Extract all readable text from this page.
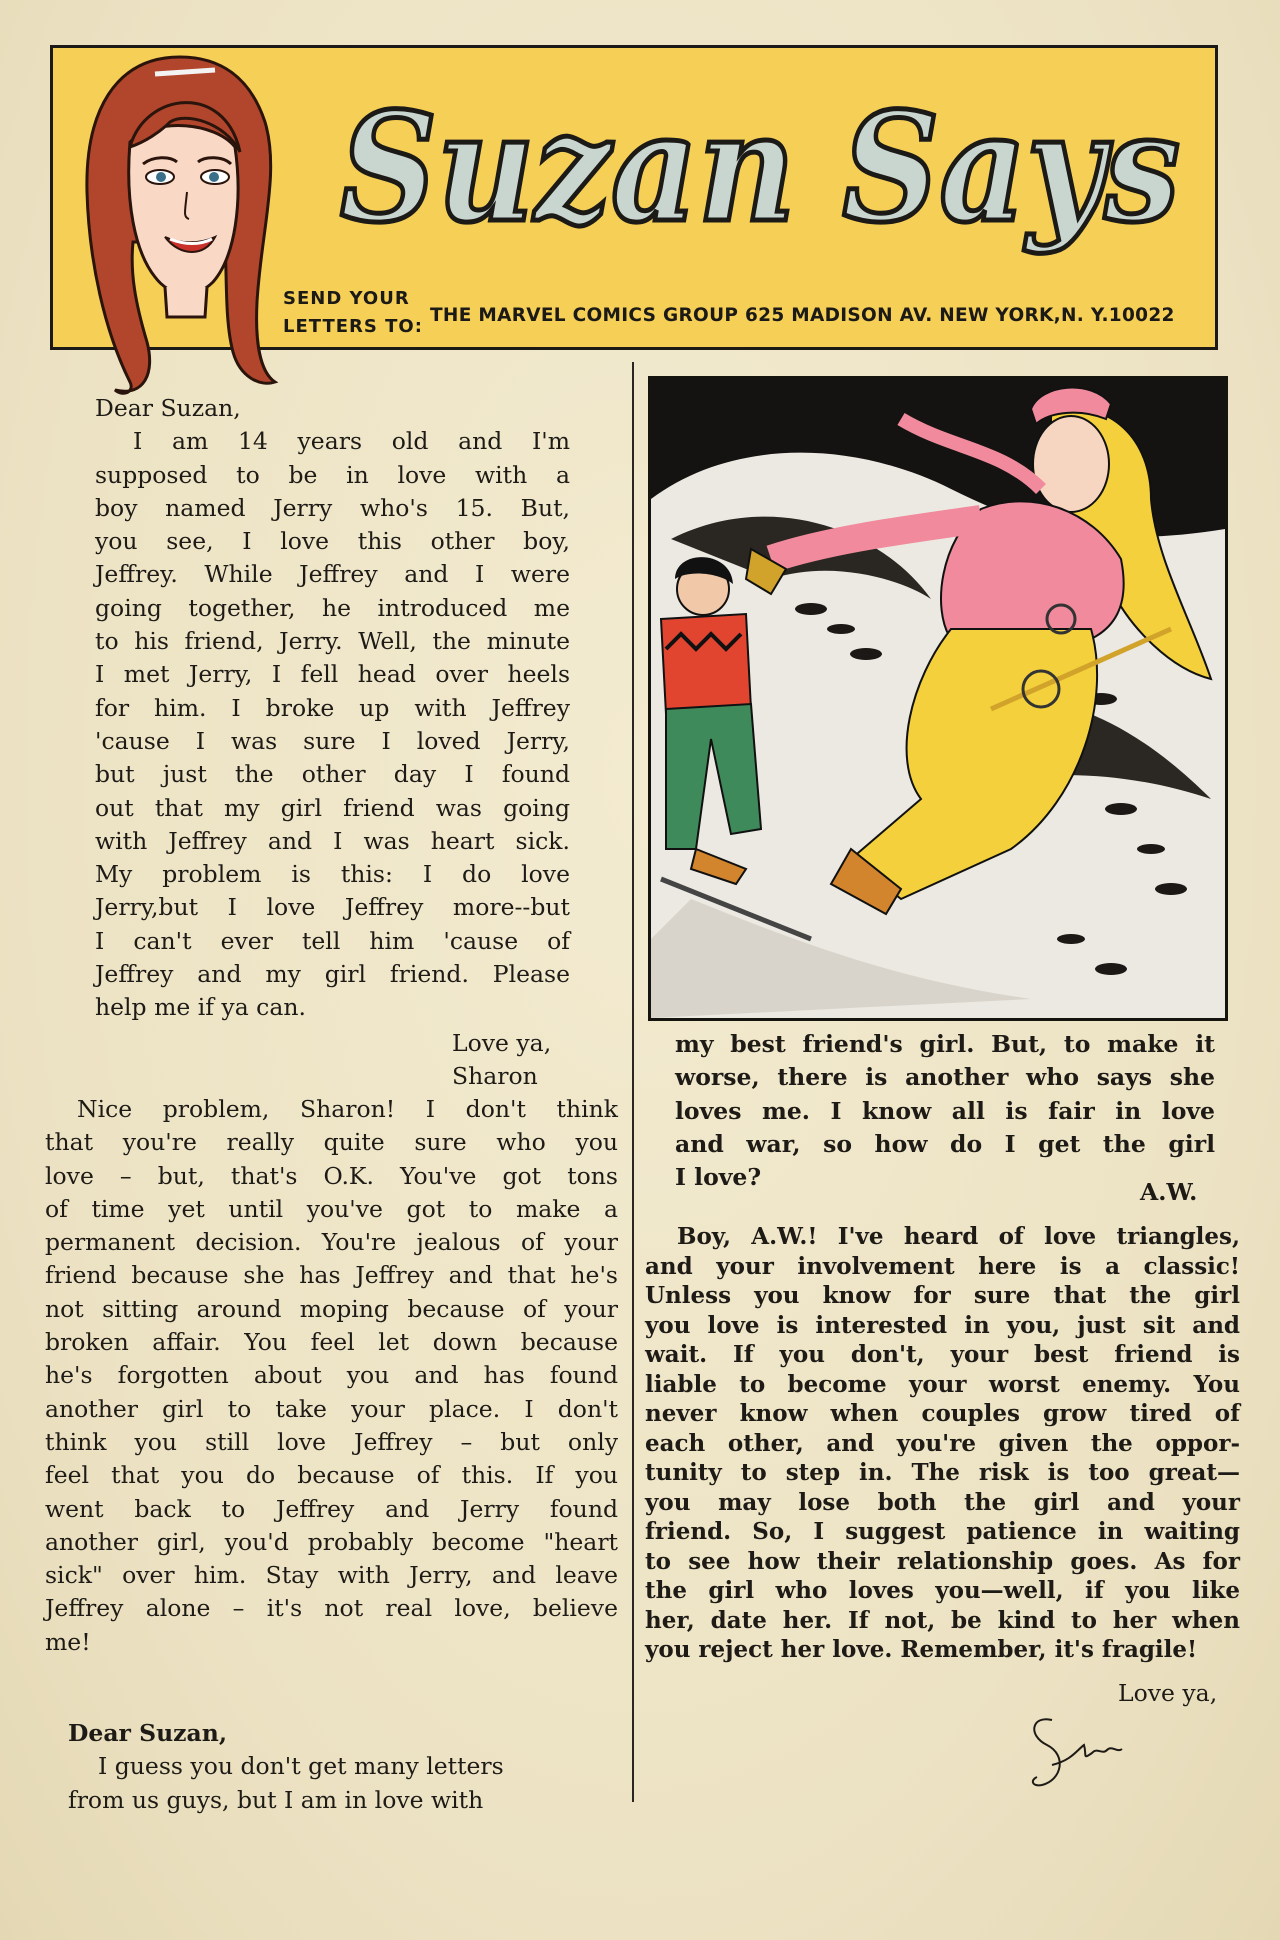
Suzan Says
SEND YOUR
LETTERS TO:
THE MARVEL COMICS GROUP 625 MADISON AV. NEW YORK,N. Y.10022
Dear Suzan,
I am 14 years old and I'm
supposed to be in love with a
boy named Jerry who's 15. But,
you see, I love this other boy,
Jeffrey. While Jeffrey and I were
going together, he introduced me
to his friend, Jerry. Well, the minute
I met Jerry, I fell head over heels
for him. I broke up with Jeffrey
'cause I was sure I loved Jerry,
but just the other day I found
out that my girl friend was going
with Jeffrey and I was heart sick.
My problem is this: I do love
Jerry,but I love Jeffrey more--but
I can't ever tell him 'cause of
Jeffrey and my girl friend. Please
help me if ya can.
Love ya,
Sharon
Nice problem, Sharon! I don't think
that you're really quite sure who you
love – but, that's O.K. You've got tons
of time yet until you've got to make a
permanent decision. You're jealous of your
friend because she has Jeffrey and that he's
not sitting around moping because of your
broken affair. You feel let down because
he's forgotten about you and has found
another girl to take your place. I don't
think you still love Jeffrey – but only
feel that you do because of this. If you
went back to Jeffrey and Jerry found
another girl, you'd probably become "heart
sick" over him. Stay with Jerry, and leave
Jeffrey alone – it's not real love, believe
me!
Dear Suzan,
I guess you don't get many letters
from us guys, but I am in love with
my best friend's girl. But, to make it
worse, there is another who says she
loves me. I know all is fair in love
and war, so how do I get the girl
I love?
A.W.
Boy, A.W.! I've heard of love triangles,
and your involvement here is a classic!
Unless you know for sure that the girl
you love is interested in you, just sit and
wait. If you don't, your best friend is
liable to become your worst enemy. You
never know when couples grow tired of
each other, and you're given the oppor-
tunity to step in. The risk is too great—
you may lose both the girl and your
friend. So, I suggest patience in waiting
to see how their relationship goes. As for
the girl who loves you—well, if you like
her, date her. If not, be kind to her when
you reject her love. Remember, it's fragile!
Love ya,
